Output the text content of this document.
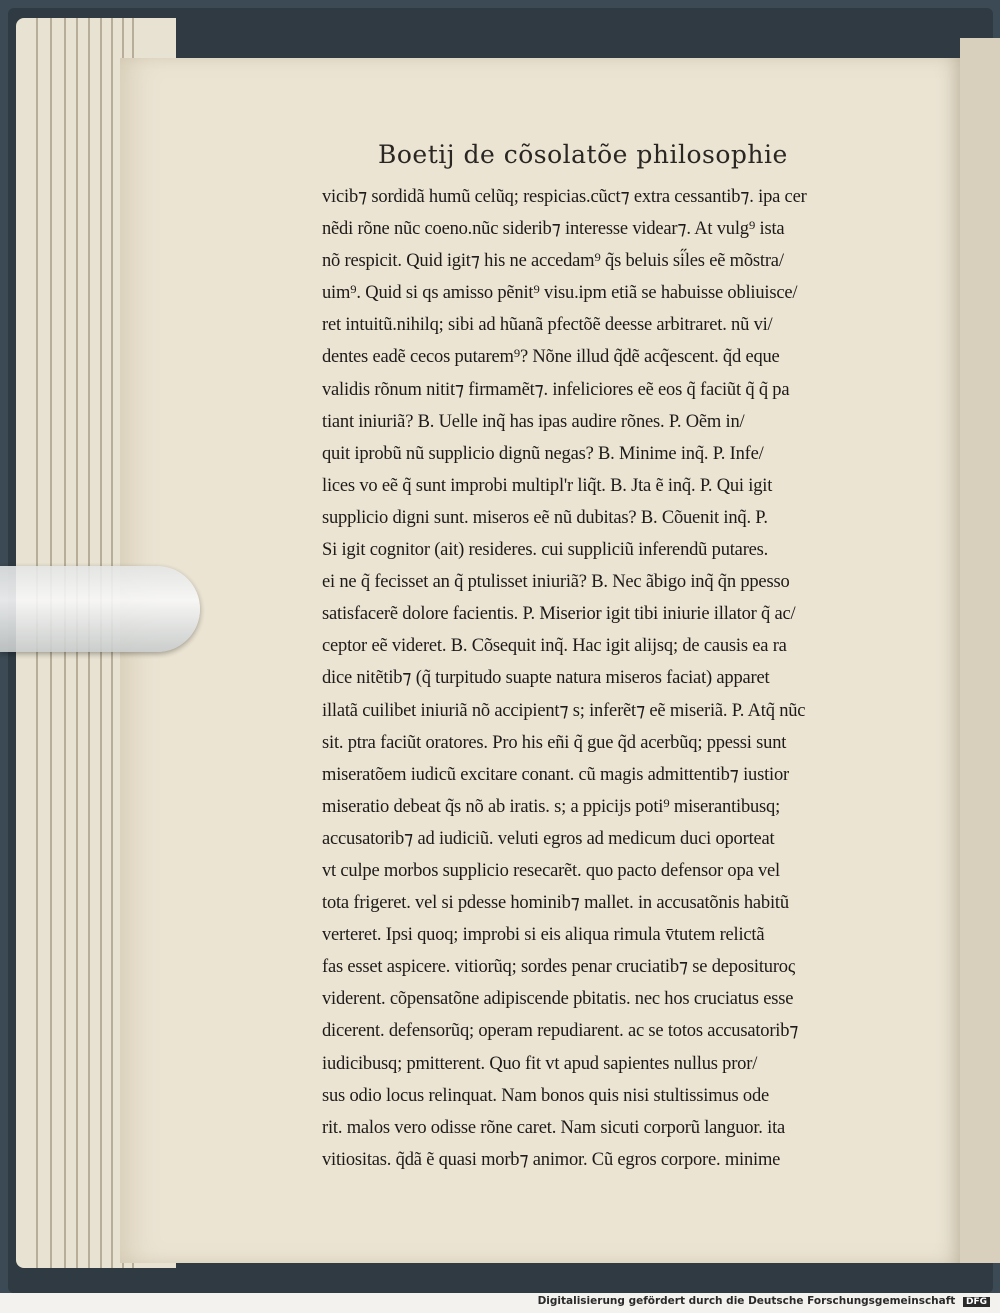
Boetij de cõsolatõe philosophie

vicib⁊ sordidã humũ celũq; respicias.cũct⁊ extra cessantib⁊. ipa cer

nẽdi rõne nũc coeno.nũc siderib⁊ interesse videar⁊. At vulg⁹ ista

nõ respicit. Quid igit⁊ his ne accedam⁹ q̃s beluis si̋les eẽ mõstra/

uim⁹. Quid si qs amisso pẽnit⁹ visu.ipm etiã se habuisse obliuisce/

ret intuitũ.nihilq; sibi ad hũanã pfectõẽ deesse arbitraret. nũ vi/

dentes eadẽ cecos putarem⁹? Nõne illud q̃dẽ acq̃escent. q̃d eque

validis rõnum nitit⁊ firmamẽt⁊. infeliciores eẽ eos q̃ faciũt q̃ q̃ pa

tiant iniuriã? B. Uelle inq̃ has ipas audire rõnes. P. Oẽm in/

quit iprobũ nũ supplicio dignũ negas? B. Minime inq̃. P. Infe/

lices vo eẽ q̃ sunt improbi multipl'r liq̃t. B. Jta ẽ inq̃. P. Qui igit

supplicio digni sunt. miseros eẽ nũ dubitas? B. Cõuenit inq̃. P.

Si igit cognitor (ait) resideres. cui suppliciũ inferendũ putares.

ei ne q̃ fecisset an q̃ ptulisset iniuriã? B. Nec ãbigo inq̃ q̃n ppesso

satisfacerẽ dolore facientis. P. Miserior igit tibi iniurie illator q̃ ac/

ceptor eẽ videret. B. Cõsequit inq̃. Hac igit alijsq; de causis ea ra

dice nitẽtib⁊ (q̃ turpitudo suapte natura miseros faciat) apparet

illatã cuilibet iniuriã nõ accipient⁊ s; inferẽt⁊ eẽ miseriã. P. Atq̃ nũc

sit. ptra faciũt oratores. Pro his eñi q̃ gue q̃d acerbũq; ppessi sunt

miseratõem iudicũ excitare conant. cũ magis admittentib⁊ iustior

miseratio debeat q̃s nõ ab iratis. s; a ppicijs poti⁹ miserantibusq;

accusatorib⁊ ad iudiciũ. veluti egros ad medicum duci oporteat

vt culpe morbos supplicio resecarẽt. quo pacto defensor opa vel

tota frigeret. vel si pdesse hominib⁊ mallet. in accusatõnis habitũ

verteret. Ipsi quoq; improbi si eis aliqua rimula v̄tutem relictã

fas esset aspicere. vitiorũq; sordes penar cruciatib⁊ se depositurος

viderent. cõpensatõne adipiscende pbitatis. nec hos cruciatus esse

dicerent. defensorũq; operam repudiarent. ac se totos accusatorib⁊

iudicibusq; pmitterent. Quo fit vt apud sapientes nullus pror/

sus odio locus relinquat. Nam bonos quis nisi stultissimus ode

rit. malos vero odisse rõne caret. Nam sicuti corporũ languor. ita

vitiositas. q̃dã ẽ quasi morb⁊ animor. Cũ egros corpore. minime

Digitalisierung gefördert durch die Deutsche Forschungsgemeinschaft DFG
